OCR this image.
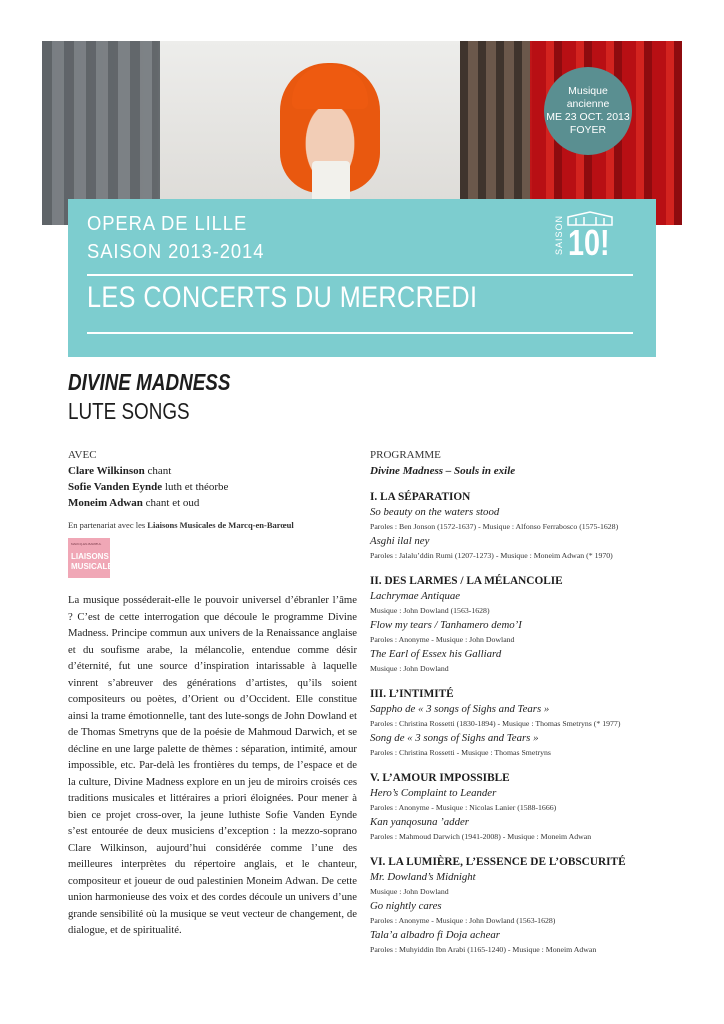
Musique
ancienne
ME 23 OCT. 2013
FOYER
OPERA DE LILLE
SAISON 2013-2014
LES CONCERTS DU MERCREDI
SAISON 10!
DIVINE MADNESS
LUTE SONGS
AVEC
Clare Wilkinson chant
Sofie Vanden Eynde luth et théorbe
Moneim Adwan chant et oud
En partenariat avec les Liaisons Musicales de Marcq-en-Barœul
MARCQ-EN-BARŒUL
LIAISONS
MUSICALES
La musique posséderait-elle le pouvoir universel d’ébranler l’âme ? C’est de cette interrogation que découle le programme Divine Madness. Principe commun aux univers de la Renaissance anglaise et du soufisme arabe, la mélancolie, entendue comme désir d’éternité, fut une source d’inspiration intarissable à laquelle vinrent s’abreuver des générations d’artistes, qu’ils soient compositeurs ou poètes, d’Orient ou d’Occident. Elle constitue ainsi la trame émotionnelle, tant des lute-songs de John Dowland et de Thomas Smetryns que de la poésie de Mahmoud Darwich, et se décline en une large palette de thèmes : séparation, intimité, amour impossible, etc. Par-delà les frontières du temps, de l’espace et de la culture, Divine Madness explore en un jeu de miroirs croisés ces traditions musicales et littéraires a priori éloignées. Pour mener à bien ce projet cross-over, la jeune luthiste Sofie Vanden Eynde s’est entourée de deux musiciens d’exception : la mezzo-soprano Clare Wilkinson, aujourd’hui considérée comme l’une des meilleures interprètes du répertoire anglais, et le chanteur, compositeur et joueur de oud palestinien Moneim Adwan. De cette union harmonieuse des voix et des cordes découle un univers d’une grande sensibilité où la musique se veut vecteur de changement, de dialogue, et de spiritualité.
PROGRAMME
Divine Madness – Souls in exile
I. LA SÉPARATION
So beauty on the waters stood
Paroles : Ben Jonson (1572-1637) - Musique : Alfonso Ferrabosco (1575-1628)
Asghi ilal ney
Paroles : Jalalu’ddin Rumi (1207-1273) - Musique : Moneim Adwan (* 1970)
II. DES LARMES / LA MÉLANCOLIE
Lachrymae Antiquae
Musique : John Dowland (1563-1628)
Flow my tears / Tanhamero demo’I
Paroles : Anonyme - Musique : John Dowland
The Earl of Essex his Galliard
Musique : John Dowland
III. L’INTIMITÉ
Sappho de « 3 songs of Sighs and Tears »
Paroles : Christina Rossetti (1830-1894) - Musique : Thomas Smetryns (* 1977)
Song de « 3 songs of Sighs and Tears »
Paroles : Christina Rossetti - Musique : Thomas Smetryns
V. L’AMOUR IMPOSSIBLE
Hero’s Complaint to Leander
Paroles : Anonyme - Musique : Nicolas Lanier (1588-1666)
Kan yanqosuna ’adder
Paroles : Mahmoud Darwich (1941-2008) - Musique : Moneim Adwan
VI. LA LUMIÈRE, L’ESSENCE DE L’OBSCURITÉ
Mr. Dowland’s Midnight
Musique : John Dowland
Go nightly cares
Paroles : Anonyme - Musique : John Dowland (1563-1628)
Tala’a albadro fi Doja achear
Paroles : Muhyiddin Ibn Arabi (1165-1240) - Musique : Moneim Adwan
